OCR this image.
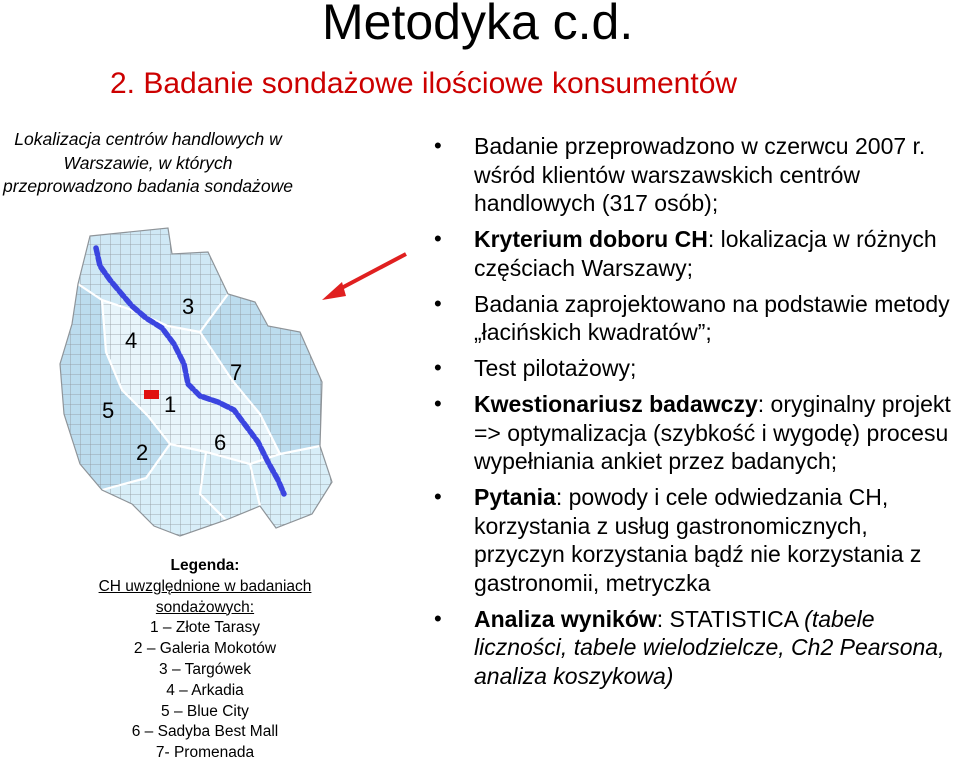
Metodyka c.d.
2. Badanie sondażowe ilościowe konsumentów
Lokalizacja centrów handlowych w Warszawie, w których przeprowadzono badania sondażowe
3
4
7
5 1
6
2
Legenda:
CH uwzględnione w badaniach sondażowych:
1 – Złote Tarasy
2 – Galeria Mokotów
3 – Targówek
4 – Arkadia
5 – Blue City
6 – Sadyba Best Mall
7- Promenada
• Badanie przeprowadzono w czerwcu 2007 r. wśród klientów warszawskich centrów handlowych (317 osób);
• Kryterium doboru CH: lokalizacja w różnych częściach Warszawy;
• Badania zaprojektowano na podstawie metody „łacińskich kwadratów”;
• Test pilotażowy;
• Kwestionariusz badawczy: oryginalny projekt => optymalizacja (szybkość i wygodę) procesu wypełniania ankiet przez badanych;
• Pytania: powody i cele odwiedzania CH, korzystania z usług gastronomicznych, przyczyn korzystania bądź nie korzystania z gastronomii, metryczka
• Analiza wyników: STATISTICA (tabele liczności, tabele wielodzielcze, Ch2 Pearsona, analiza koszykowa)
